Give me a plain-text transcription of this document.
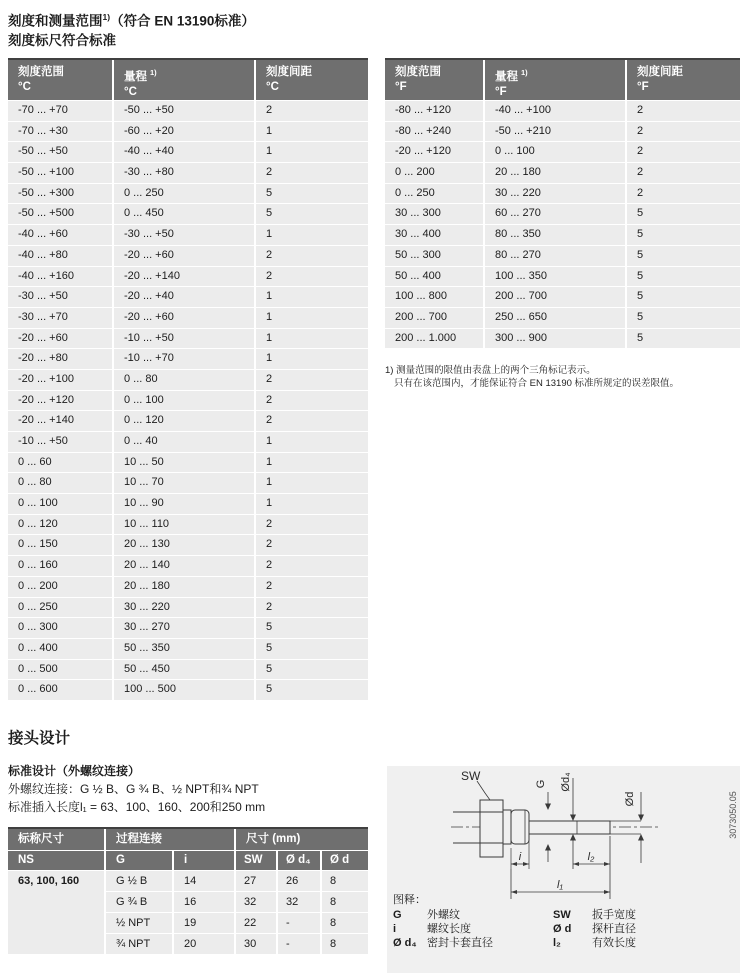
刻度和测量范围$^{1)}$（符合 EN 13190标准）
刻度标尺符合标准
刻度范围
°C
量程 $^{1)}$
°C
刻度间距
°C
-70 ... +70	-50 ... +50	2
-70 ... +30	-60 ... +20	1
-50 ... +50	-40 ... +40	1
-50 ... +100	-30 ... +80	2
-50 ... +300	0 ... 250	5
-50 ... +500	0 ... 450	5
-40 ... +60	-30 ... +50	1
-40 ... +80	-20 ... +60	2
-40 ... +160	-20 ... +140	2
-30 ... +50	-20 ... +40	1
-30 ... +70	-20 ... +60	1
-20 ... +60	-10 ... +50	1
-20 ... +80	-10 ... +70	1
-20 ... +100	0 ... 80	2
-20 ... +120	0 ... 100	2
-20 ... +140	0 ... 120	2
-10 ... +50	0 ... 40	1
0 ... 60	10 ... 50	1
0 ... 80	10 ... 70	1
0 ... 100	10 ... 90	1
0 ... 120	10 ... 110	2
0 ... 150	20 ... 130	2
0 ... 160	20 ... 140	2
0 ... 200	20 ... 180	2
0 ... 250	30 ... 220	2
0 ... 300	30 ... 270	5
0 ... 400	50 ... 350	5
0 ... 500	50 ... 450	5
0 ... 600	100 ... 500	5
刻度范围
°F
量程 $^{1)}$
°F
刻度间距
°F
-80 ... +120	-40 ... +100	2
-80 ... +240	-50 ... +210	2
-20 ... +120	0 ... 100	2
0 ... 200	20 ... 180	2
0 ... 250	30 ... 220	2
30 ... 300	60 ... 270	5
30 ... 400	80 ... 350	5
50 ... 300	80 ... 270	5
50 ... 400	100 ... 350	5
100 ... 800	200 ... 700	5
200 ... 700	250 ... 650	5
200 ... 1.000	300 ... 900	5
1) 测量范围的限值由表盘上的两个三角标记表示。
只有在该范围内，才能保证符合 EN 13190 标准所规定的误差限值。
接头设计
标准设计（外螺纹连接）
外螺纹连接：G ½ B、G ¾ B、½ NPT和¾ NPT
标准插入长度l₁ = 63、100、160、200和250 mm
标称尺寸	过程连接	尺寸 (mm)
NS	G	i	SW	Ø d₄	Ø d
63, 100, 160	G ½ B	14	27	26	8
G ¾ B	16	32	32	8
½ NPT	19	22	-	8
¾ NPT	20	30	-	8
SW
G Ød₄
Ød
i	l₂
l₁
3073050.05
图释：
G 外螺纹
i	螺纹长度
Ø d₄ 密封卡套直径
SW 扳手宽度
Ø d 探杆直径
l₂	有效长度
